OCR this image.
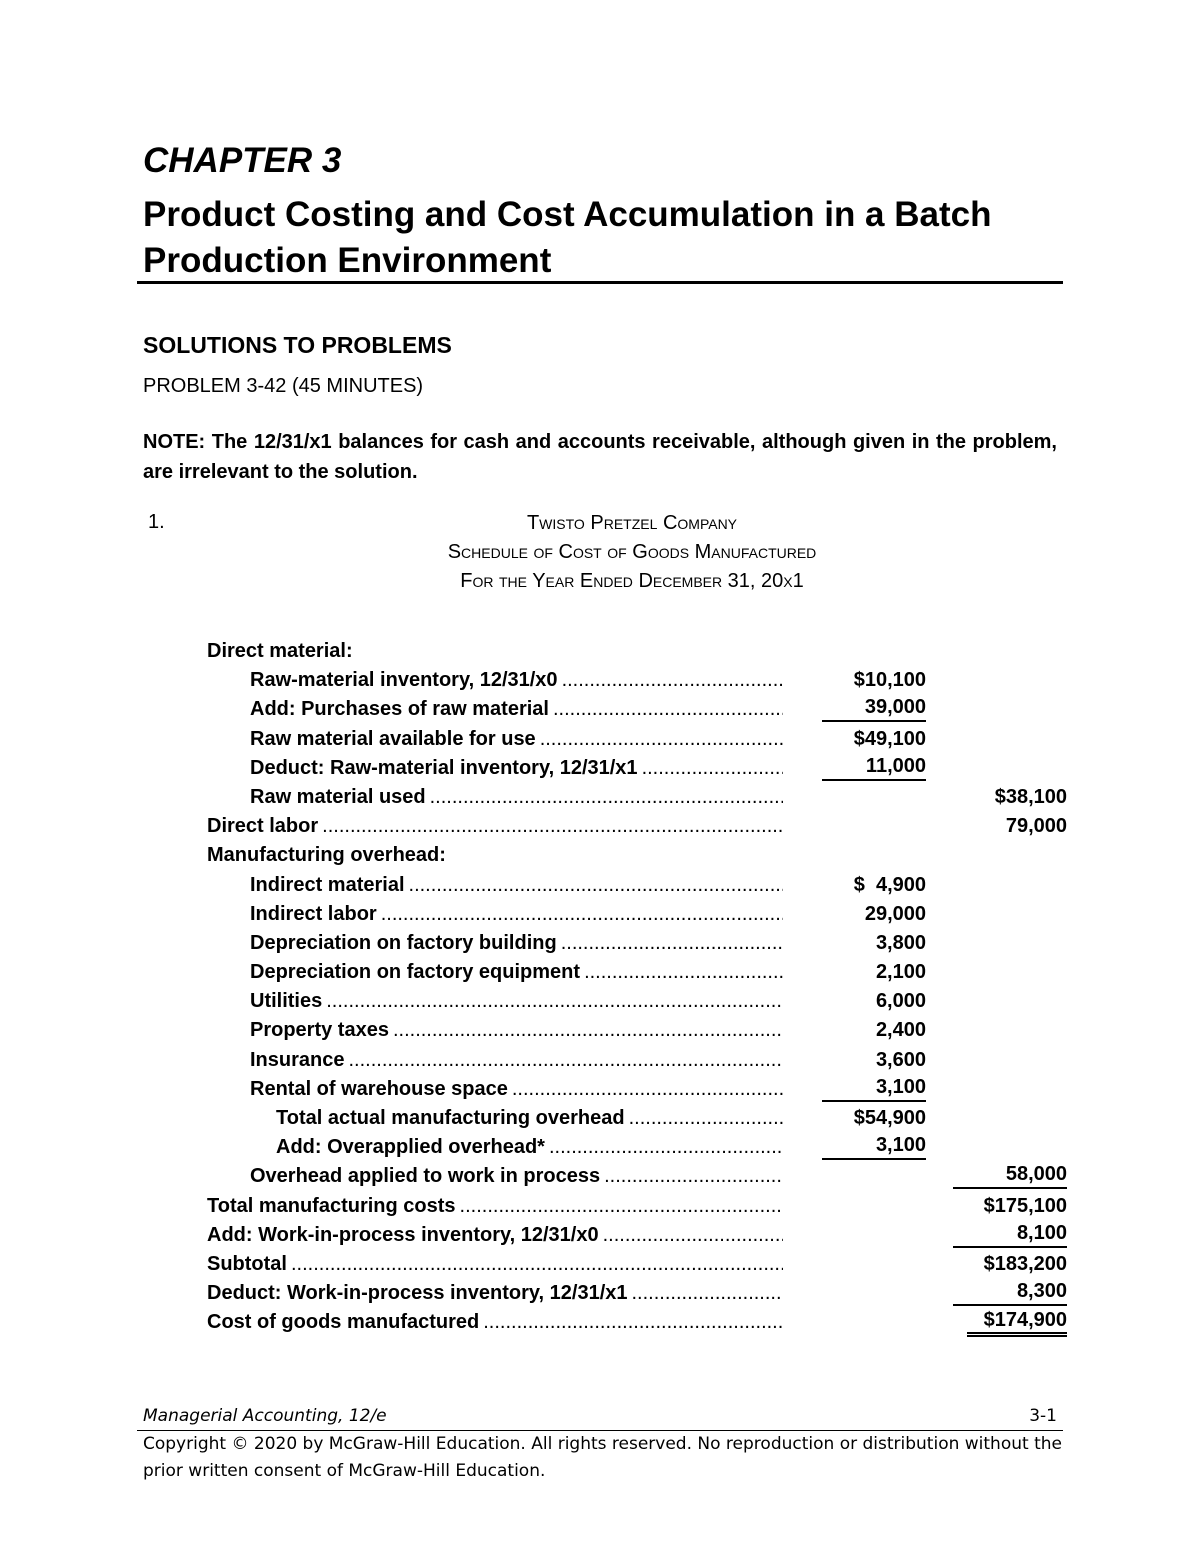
CHAPTER 3
Product Costing and Cost Accumulation in a Batch Production Environment
SOLUTIONS TO PROBLEMS
PROBLEM 3-42 (45 MINUTES)

NOTE: The 12/31/x1 balances for cash and accounts receivable, although given in the problem, are irrelevant to the solution.

1.	Twisto Pretzel Company
Schedule of Cost of Goods Manufactured
For the Year Ended December 31, 20x1
Direct material:
Raw-material inventory, 12/31/x0 .....	$10,100
Add: Purchases of raw material .....	39,000
Raw material available for use .....	$49,100
Deduct: Raw-material inventory, 12/31/x1 .....	11,000
Raw material used .....	$38,100
Direct labor .....	79,000
Manufacturing overhead:
Indirect material .....	$  4,900
Indirect labor .....	29,000
Depreciation on factory building .....	3,800
Depreciation on factory equipment .....	2,100
Utilities .....	6,000
Property taxes .....	2,400
Insurance .....	3,600
Rental of warehouse space .....	3,100
Total actual manufacturing overhead .....	$54,900
Add: Overapplied overhead* .....	3,100
Overhead applied to work in process .....	58,000
Total manufacturing costs .....	$175,100
Add: Work-in-process inventory, 12/31/x0 .....	8,100
Subtotal .....	$183,200
Deduct: Work-in-process inventory, 12/31/x1 .....	8,300
Cost of goods manufactured .....	$174,900
Managerial Accounting, 12/e	3-1
Copyright © 2020 by McGraw-Hill Education. All rights reserved. No reproduction or distribution without the prior written consent of McGraw-Hill Education.
